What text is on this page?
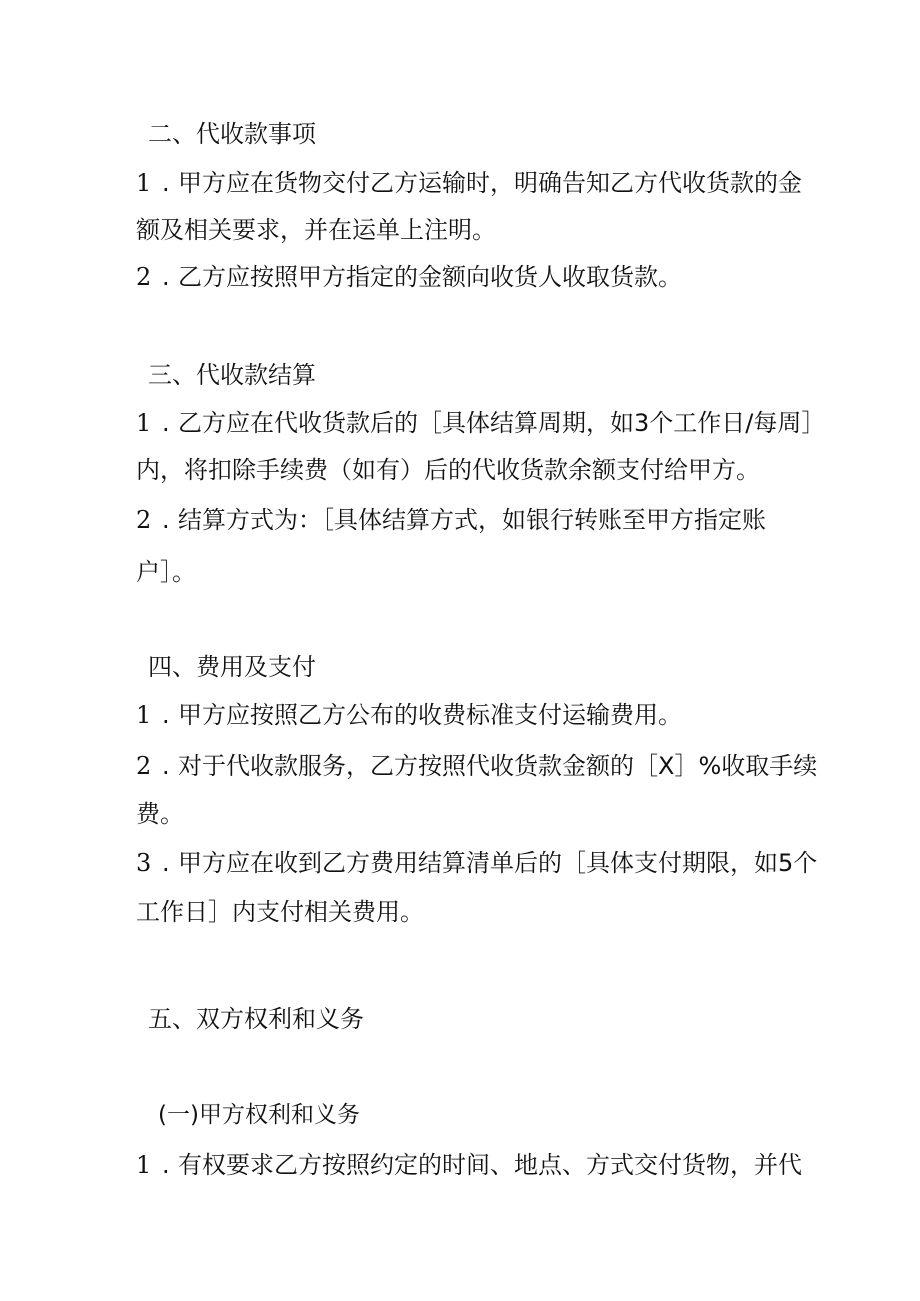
二、代收款事项
1 . 甲方应在货物交付乙方运输时，明确告知乙方代收货款的金
额及相关要求，并在运单上注明。
2 . 乙方应按照甲方指定的金额向收货人收取货款。
三、代收款结算
1 . 乙方应在代收货款后的［具体结算周期，如3个工作日/每周］
内，将扣除手续费（如有）后的代收货款余额支付给甲方。
2 . 结算方式为：［具体结算方式，如银行转账至甲方指定账
户］。
四、费用及支付
1 . 甲方应按照乙方公布的收费标准支付运输费用。
2 . 对于代收款服务，乙方按照代收货款金额的［X］%收取手续
费。
3 . 甲方应在收到乙方费用结算清单后的［具体支付期限，如5个
工作日］内支付相关费用。
五、双方权利和义务
(一)甲方权利和义务
1 . 有权要求乙方按照约定的时间、地点、方式交付货物，并代
